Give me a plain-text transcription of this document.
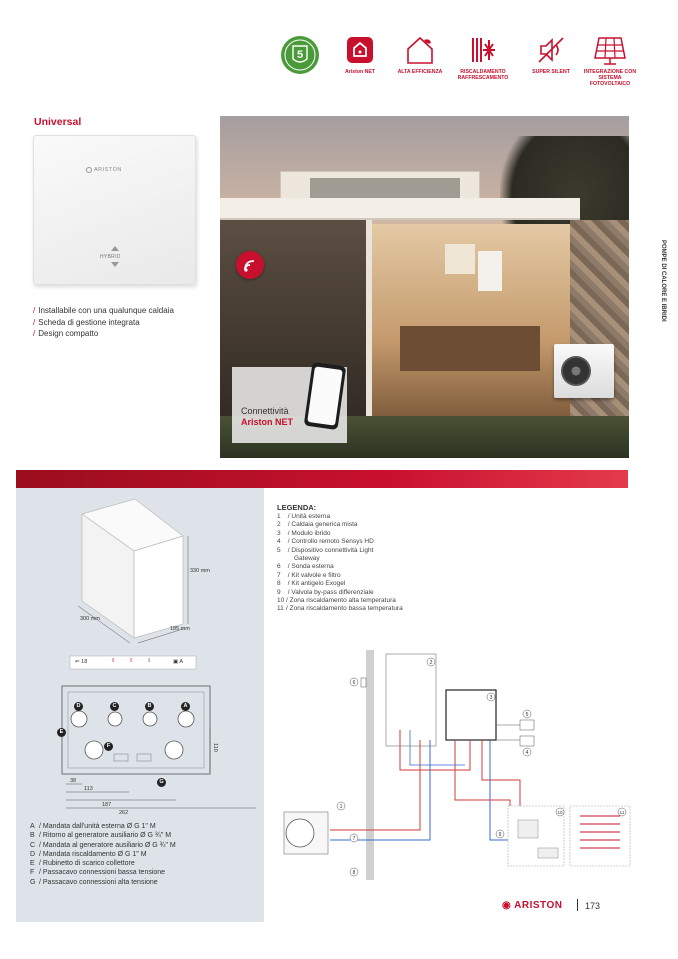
5
Ariston NET	ALTA EFFICIENZA	RISCALDAMENTO RAFFRESCAMENTO
SUPER SILENT	INTEGRAZIONE CON SISTEMA FOTOVOLTAICO
Universal
ARISTON
HYBRID
/ Installabile con una qualunque caldaia
/ Scheda di gestione integrata
/ Design compatto
Connettività
Ariston NET
POMPE DI CALORE E IBRIDI
330 mm
300 mm
185 mm
⇐ 18	⇧ ⇧ ⇩	▣ A
D	C	B	A
E
F
G
110
38
113
187
262
A / Mandata dall'unità esterna Ø G 1" M
B / Ritorno al generatore ausiliario Ø G ¾" M
C / Mandata al generatore ausiliario Ø G ¾" M
D / Mandata riscaldamento Ø G 1" M
E / Rubinetto di scarico collettore
F / Passacavo connessioni bassa tensione
G / Passacavo connessioni alta tensione
LEGENDA:
1 / Unità esterna
2 / Caldaia generica mista
3 / Modulo ibrido
4 / Controllo remoto Sensys HD
5 / Dispositivo connettività Light
Gateway
6 / Sonda esterna
7 / Kit valvole e filtro
8 / Kit antigelo Exogel
9 / Valvola by-pass differenziale
10 / Zona riscaldamento alta temperatura
11 / Zona riscaldamento bassa temperatura
2
3
1
6
5
4
10	11
7
8
9
◉ ARISTON	173
